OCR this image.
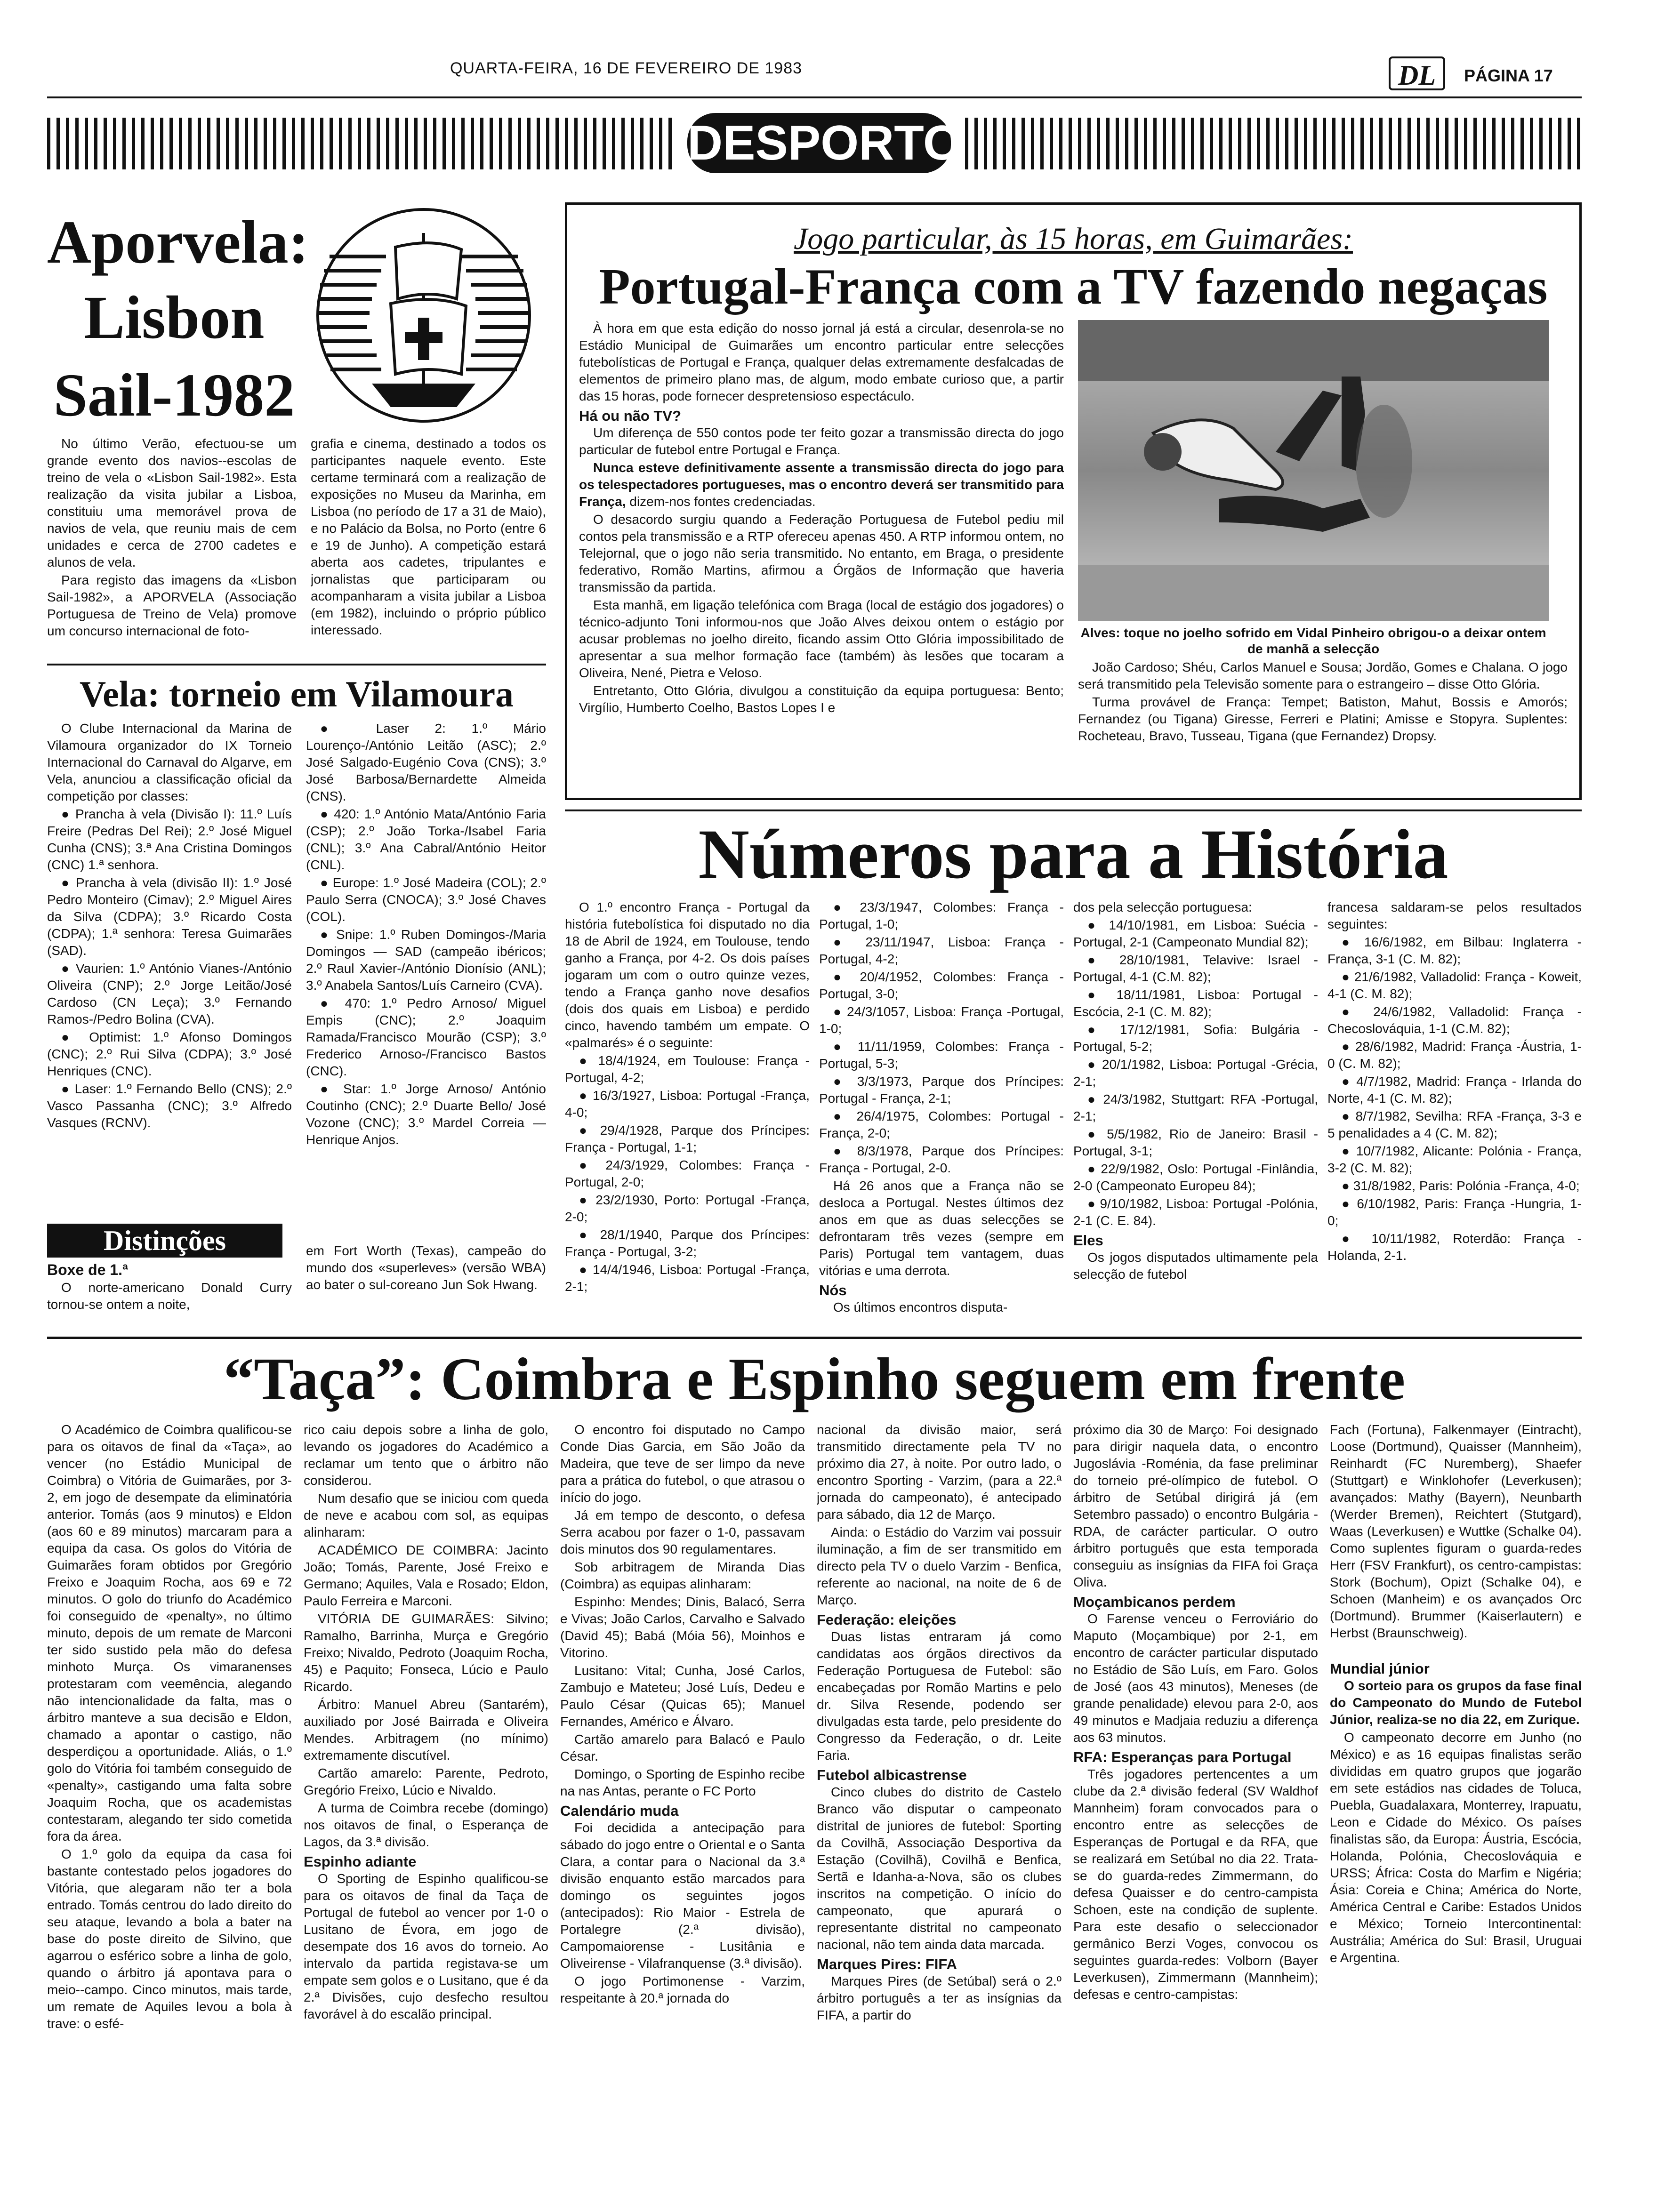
QUARTA-FEIRA, 16 DE FEVEREIRO DE 1983	DL	PÁGINA 17
DESPORTO
Aporvela:
Lisbon
Sail-1982

No último Verão, efectuou-se um grande evento dos navios--escolas de treino de vela o «Lisbon Sail-1982». Esta realização da visita jubilar a Lisboa, constituiu uma memorável prova de navios de vela, que reuniu mais de cem unidades e cerca de 2700 cadetes e alunos de vela.

Para registo das imagens da «Lisbon Sail-1982», a APORVELA (Associação Portuguesa de Treino de Vela) promove um concurso internacional de foto-

grafia e cinema, destinado a todos os participantes naquele evento. Este certame terminará com a realização de exposições no Museu da Marinha, em Lisboa (no período de 17 a 31 de Maio), e no Palácio da Bolsa, no Porto (entre 6 e 19 de Junho). A competição estará aberta aos cadetes, tripulantes e jornalistas que participaram ou acompanharam a visita jubilar a Lisboa (em 1982), incluindo o próprio público interessado.

Vela: torneio em Vilamoura

O Clube Internacional da Marina de Vilamoura organizador do IX Torneio Internacional do Carnaval do Algarve, em Vela, anunciou a classificação oficial da competição por classes:

● Prancha à vela (Divisão I): 11.º Luís Freire (Pedras Del Rei); 2.º José Miguel Cunha (CNS); 3.ª Ana Cristina Domingos (CNC) 1.ª senhora.

● Prancha à vela (divisão II): 1.º José Pedro Monteiro (Cimav); 2.º Miguel Aires da Silva (CDPA); 3.º Ricardo Costa (CDPA); 1.ª senhora: Teresa Guimarães (SAD).

● Vaurien: 1.º António Vianes-/António Oliveira (CNP); 2.º Jorge Leitão/José Cardoso (CN Leça); 3.º Fernando Ramos-/Pedro Bolina (CVA).

● Optimist: 1.º Afonso Domingos (CNC); 2.º Rui Silva (CDPA); 3.º José Henriques (CNC).

● Laser: 1.º Fernando Bello (CNS); 2.º Vasco Passanha (CNC); 3.º Alfredo Vasques (RCNV).

● Laser 2: 1.º Mário Lourenço-/António Leitão (ASC); 2.º José Salgado-Eugénio Cova (CNS); 3.º José Barbosa/Bernardette Almeida (CNS).

● 420: 1.º António Mata/António Faria (CSP); 2.º João Torka-/Isabel Faria (CNL); 3.º Ana Cabral/António Heitor (CNL).

● Europe: 1.º José Madeira (COL); 2.º Paulo Serra (CNOCA); 3.º José Chaves (COL).

● Snipe: 1.º Ruben Domingos-/Maria Domingos — SAD (campeão ibéricos; 2.º Raul Xavier-/António Dionísio (ANL); 3.º Anabela Santos/Luís Carneiro (CVA).

● 470: 1.º Pedro Arnoso/ Miguel Empis (CNC); 2.º Joaquim Ramada/Francisco Mourão (CSP); 3.º Frederico Arnoso-/Francisco Bastos (CNC).

● Star: 1.º Jorge Arnoso/ António Coutinho (CNC); 2.º Duarte Bello/ José Vozone (CNC); 3.º Mardel Correia — Henrique Anjos.

Distinções
Boxe de 1.ª

O norte-americano Donald Curry tornou-se ontem a noite,

em Fort Worth (Texas), campeão do mundo dos «superleves» (versão WBA) ao bater o sul-coreano Jun Sok Hwang.

Jogo particular, às 15 horas, em Guimarães:
Portugal-França com a TV fazendo negaças

À hora em que esta edição do nosso jornal já está a circular, desenrola-se no Estádio Municipal de Guimarães um encontro particular entre selecções futebolísticas de Portugal e França, qualquer delas extremamente desfalcadas de elementos de primeiro plano mas, de algum, modo embate curioso que, a partir das 15 horas, pode fornecer despretensioso espectáculo.

Há ou não TV?

Um diferença de 550 contos pode ter feito gozar a transmissão directa do jogo particular de futebol entre Portugal e França.

Nunca esteve definitivamente assente a transmissão directa do jogo para os telespectadores portugueses, mas o encontro deverá ser transmitido para França, dizem-nos fontes credenciadas.

O desacordo surgiu quando a Federação Portuguesa de Futebol pediu mil contos pela transmissão e a RTP ofereceu apenas 450. A RTP informou ontem, no Telejornal, que o jogo não seria transmitido. No entanto, em Braga, o presidente federativo, Romão Martins, afirmou a Órgãos de Informação que haveria transmissão da partida.

Esta manhã, em ligação telefónica com Braga (local de estágio dos jogadores) o técnico-adjunto Toni informou-nos que João Alves deixou ontem o estágio por acusar problemas no joelho direito, ficando assim Otto Glória impossibilitado de apresentar a sua melhor formação face (também) às lesões que tocaram a Oliveira, Nené, Pietra e Veloso.

Entretanto, Otto Glória, divulgou a constituição da equipa portuguesa: Bento; Virgílio, Humberto Coelho, Bastos Lopes I e

Alves: toque no joelho sofrido em Vidal Pinheiro obrigou-o a deixar ontem de manhã a selecção

João Cardoso; Shéu, Carlos Manuel e Sousa; Jordão, Gomes e Chalana. O jogo será transmitido pela Televisão somente para o estrangeiro – disse Otto Glória.

Turma provável de França: Tempet; Batiston, Mahut, Bossis e Amorós; Fernandez (ou Tigana) Giresse, Ferreri e Platini; Amisse e Stopyra. Suplentes: Rocheteau, Bravo, Tusseau, Tigana (que Fernandez) Dropsy.

Números para a História

O 1.º encontro França - Portugal da história futebolística foi disputado no dia 18 de Abril de 1924, em Toulouse, tendo ganho a França, por 4-2. Os dois países jogaram um com o outro quinze vezes, tendo a França ganho nove desafios (dois dos quais em Lisboa) e perdido cinco, havendo também um empate. O «palmarés» é o seguinte:

● 18/4/1924, em Toulouse: França - Portugal, 4-2;

● 16/3/1927, Lisboa: Portugal -França, 4-0;

● 29/4/1928, Parque dos Príncipes: França - Portugal, 1-1;

● 24/3/1929, Colombes: França - Portugal, 2-0;

● 23/2/1930, Porto: Portugal -França, 2-0;

● 28/1/1940, Parque dos Príncipes: França - Portugal, 3-2;

● 14/4/1946, Lisboa: Portugal -França, 2-1;

● 23/3/1947, Colombes: França - Portugal, 1-0;

● 23/11/1947, Lisboa: França -Portugal, 4-2;

● 20/4/1952, Colombes: França - Portugal, 3-0;

● 24/3/1057, Lisboa: França -Portugal, 1-0;

● 11/11/1959, Colombes: França - Portugal, 5-3;

● 3/3/1973, Parque dos Príncipes: Portugal - França, 2-1;

● 26/4/1975, Colombes: Portugal - França, 2-0;

● 8/3/1978, Parque dos Príncipes: França - Portugal, 2-0.

Há 26 anos que a França não se desloca a Portugal. Nestes últimos dez anos em que as duas selecções se defrontaram três vezes (sempre em Paris) Portugal tem vantagem, duas vitórias e uma derrota.

Nós

Os últimos encontros disputa-

dos pela selecção portuguesa:

● 14/10/1981, em Lisboa: Suécia - Portugal, 2-1 (Campeonato Mundial 82);

● 28/10/1981, Telavive: Israel - Portugal, 4-1 (C.M. 82);

● 18/11/1981, Lisboa: Portugal - Escócia, 2-1 (C. M. 82);

● 17/12/1981, Sofia: Bulgária -Portugal, 5-2;

● 20/1/1982, Lisboa: Portugal -Grécia, 2-1;

● 24/3/1982, Stuttgart: RFA -Portugal, 2-1;

● 5/5/1982, Rio de Janeiro: Brasil - Portugal, 3-1;

● 22/9/1982, Oslo: Portugal -Finlândia, 2-0 (Campeonato Europeu 84);

● 9/10/1982, Lisboa: Portugal -Polónia, 2-1 (C. E. 84).

Eles

Os jogos disputados ultimamente pela selecção de futebol

francesa saldaram-se pelos resultados seguintes:

● 16/6/1982, em Bilbau: Inglaterra - França, 3-1 (C. M. 82);

● 21/6/1982, Valladolid: França - Koweit, 4-1 (C. M. 82);

● 24/6/1982, Valladolid: França - Checoslováquia, 1-1 (C.M. 82);

● 28/6/1982, Madrid: França -Áustria, 1-0 (C. M. 82);

● 4/7/1982, Madrid: França - Irlanda do Norte, 4-1 (C. M. 82);

● 8/7/1982, Sevilha: RFA -França, 3-3 e 5 penalidades a 4 (C. M. 82);

● 10/7/1982, Alicante: Polónia - França, 3-2 (C. M. 82);

● 31/8/1982, Paris: Polónia -França, 4-0;

● 6/10/1982, Paris: França -Hungria, 1-0;

● 10/11/1982, Roterdão: França - Holanda, 2-1.

“Taça”: Coimbra e Espinho seguem em frente

O Académico de Coimbra qualificou-se para os oitavos de final da «Taça», ao vencer (no Estádio Municipal de Coimbra) o Vitória de Guimarães, por 3-2, em jogo de desempate da eliminatória anterior. Tomás (aos 9 minutos) e Eldon (aos 60 e 89 minutos) marcaram para a equipa da casa. Os golos do Vitória de Guimarães foram obtidos por Gregório Freixo e Joaquim Rocha, aos 69 e 72 minutos. O golo do triunfo do Académico foi conseguido de «penalty», no último minuto, depois de um remate de Marconi ter sido sustido pela mão do defesa minhoto Murça. Os vimaranenses protestaram com veemência, alegando não intencionalidade da falta, mas o árbitro manteve a sua decisão e Eldon, chamado a apontar o castigo, não desperdiçou a oportunidade. Aliás, o 1.º golo do Vitória foi também conseguido de «penalty», castigando uma falta sobre Joaquim Rocha, que os academistas contestaram, alegando ter sido cometida fora da área.

O 1.º golo da equipa da casa foi bastante contestado pelos jogadores do Vitória, que alegaram não ter a bola entrado. Tomás centrou do lado direito do seu ataque, levando a bola a bater na base do poste direito de Silvino, que agarrou o esférico sobre a linha de golo, quando o árbitro já apontava para o meio--campo. Cinco minutos, mais tarde, um remate de Aquiles levou a bola à trave: o esfé-

rico caiu depois sobre a linha de golo, levando os jogadores do Académico a reclamar um tento que o árbitro não considerou.

Num desafio que se iniciou com queda de neve e acabou com sol, as equipas alinharam:

ACADÉMICO DE COIMBRA: Jacinto João; Tomás, Parente, José Freixo e Germano; Aquiles, Vala e Rosado; Eldon, Paulo Ferreira e Marconi.

VITÓRIA DE GUIMARÃES: Silvino; Ramalho, Barrinha, Murça e Gregório Freixo; Nivaldo, Pedroto (Joaquim Rocha, 45) e Paquito; Fonseca, Lúcio e Paulo Ricardo.

Árbitro: Manuel Abreu (Santarém), auxiliado por José Bairrada e Oliveira Mendes. Arbitragem (no mínimo) extremamente discutível.

Cartão amarelo: Parente, Pedroto, Gregório Freixo, Lúcio e Nivaldo.

A turma de Coimbra recebe (domingo) nos oitavos de final, o Esperança de Lagos, da 3.ª divisão.

Espinho adiante

O Sporting de Espinho qualificou-se para os oitavos de final da Taça de Portugal de futebol ao vencer por 1-0 o Lusitano de Évora, em jogo de desempate dos 16 avos do torneio. Ao intervalo da partida registava-se um empate sem golos e o Lusitano, que é da 2.ª Divisões, cujo desfecho resultou favorável à do escalão principal.

O encontro foi disputado no Campo Conde Dias Garcia, em São João da Madeira, que teve de ser limpo da neve para a prática do futebol, o que atrasou o início do jogo.

Já em tempo de desconto, o defesa Serra acabou por fazer o 1-0, passavam dois minutos dos 90 regulamentares.

Sob arbitragem de Miranda Dias (Coimbra) as equipas alinharam:

Espinho: Mendes; Dinis, Balacó, Serra e Vivas; João Carlos, Carvalho e Salvado (David 45); Babá (Móia 56), Moinhos e Vitorino.

Lusitano: Vital; Cunha, José Carlos, Zambujo e Mateteu; José Luís, Dedeu e Paulo César (Quicas 65); Manuel Fernandes, Américo e Álvaro.

Cartão amarelo para Balacó e Paulo César.

Domingo, o Sporting de Espinho recibe na nas Antas, perante o FC Porto

Calendário muda

Foi decidida a antecipação para sábado do jogo entre o Oriental e o Santa Clara, a contar para o Nacional da 3.ª divisão enquanto estão marcados para domingo os seguintes jogos (antecipados): Rio Maior - Estrela de Portalegre (2.ª divisão), Campomaiorense - Lusitânia e Oliveirense - Vilafranquense (3.ª divisão).

O jogo Portimonense - Varzim, respeitante à 20.ª jornada do

nacional da divisão maior, será transmitido directamente pela TV no próximo dia 27, à noite. Por outro lado, o encontro Sporting - Varzim, (para a 22.ª jornada do campeonato), é antecipado para sábado, dia 12 de Março.

Ainda: o Estádio do Varzim vai possuir iluminação, a fim de ser transmitido em directo pela TV o duelo Varzim - Benfica, referente ao nacional, na noite de 6 de Março.

Federação: eleições

Duas listas entraram já como candidatas aos órgãos directivos da Federação Portuguesa de Futebol: são encabeçadas por Romão Martins e pelo dr. Silva Resende, podendo ser divulgadas esta tarde, pelo presidente do Congresso da Federação, o dr. Leite Faria.

Futebol albicastrense

Cinco clubes do distrito de Castelo Branco vão disputar o campeonato distrital de juniores de futebol: Sporting da Covilhã, Associação Desportiva da Estação (Covilhã), Covilhã e Benfica, Sertã e Idanha-a-Nova, são os clubes inscritos na competição. O início do campeonato, que apurará o representante distrital no campeonato nacional, não tem ainda data marcada.

Marques Pires: FIFA

Marques Pires (de Setúbal) será o 2.º árbitro português a ter as insígnias da FIFA, a partir do

próximo dia 30 de Março: Foi designado para dirigir naquela data, o encontro Jugoslávia -Roménia, da fase preliminar do torneio pré-olímpico de futebol. O árbitro de Setúbal dirigirá já (em Setembro passado) o encontro Bulgária -RDA, de carácter particular. O outro árbitro português que esta temporada conseguiu as insígnias da FIFA foi Graça Oliva.

Moçambicanos perdem

O Farense venceu o Ferroviário do Maputo (Moçambique) por 2-1, em encontro de carácter particular disputado no Estádio de São Luís, em Faro. Golos de José (aos 43 minutos), Meneses (de grande penalidade) elevou para 2-0, aos 49 minutos e Madjaia reduziu a diferença aos 63 minutos.

RFA: Esperanças para Portugal

Três jogadores pertencentes a um clube da 2.ª divisão federal (SV Waldhof Mannheim) foram convocados para o encontro entre as selecções de Esperanças de Portugal e da RFA, que se realizará em Setúbal no dia 22. Trata-se do guarda-redes Zimmermann, do defesa Quaisser e do centro-campista Schoen, este na condição de suplente. Para este desafio o seleccionador germânico Berzi Voges, convocou os seguintes guarda-redes: Volborn (Bayer Leverkusen), Zimmermann (Mannheim); defesas e centro-campistas:

Fach (Fortuna), Falkenmayer (Eintracht), Loose (Dortmund), Quaisser (Mannheim), Reinhardt (FC Nuremberg), Shaefer (Stuttgart) e Winklohofer (Leverkusen); avançados: Mathy (Bayern), Neunbarth (Werder Bremen), Reichtert (Stutgard), Waas (Leverkusen) e Wuttke (Schalke 04). Como suplentes figuram o guarda-redes Herr (FSV Frankfurt), os centro-campistas: Stork (Bochum), Opizt (Schalke 04), e Schoen (Manheim) e os avançados Orc (Dortmund). Brummer (Kaiserlautern) e Herbst (Braunschweig).

Mundial júnior

O sorteio para os grupos da fase final do Campeonato do Mundo de Futebol Júnior, realiza-se no dia 22, em Zurique.

O campeonato decorre em Junho (no México) e as 16 equipas finalistas serão divididas em quatro grupos que jogarão em sete estádios nas cidades de Toluca, Puebla, Guadalaxara, Monterrey, Irapuatu, Leon e Cidade do México. Os países finalistas são, da Europa: Áustria, Escócia, Holanda, Polónia, Checoslováquia e URSS; África: Costa do Marfim e Nigéria; Ásia: Coreia e China; América do Norte, América Central e Caribe: Estados Unidos e México; Torneio Intercontinental: Austrália; América do Sul: Brasil, Uruguai e Argentina.
